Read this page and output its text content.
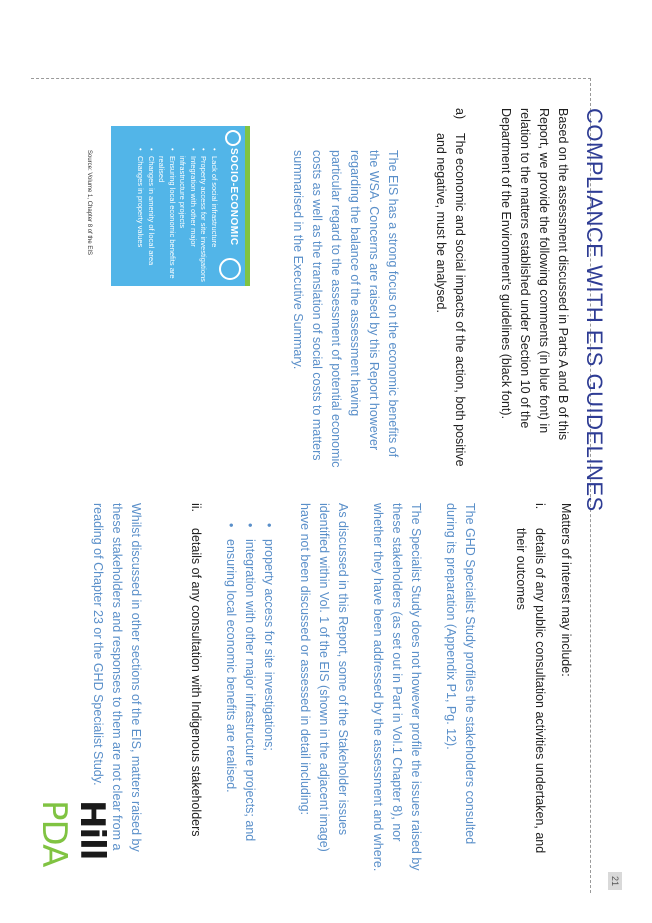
COMPLIANCE WITH EIS GUIDELINES
Based on the assessment discussed in Parts A and B of this Report, we provide the following comments (in blue font) in relation to the matters established under Section 10 of the Department of the Environment’s guidelines (black font).
a)
The economic and social impacts of the action, both positive and negative, must be analysed.
The EIS has a strong focus on the economic benefits of the WSA. Concerns are raised by this Report however regarding the balance of the assessment having particular regard to the assessment of potential economic costs as well as the translation of social costs to matters summarised in the Executive Summary.
SOCIO-ECONOMIC
• Lack of social infrastructure
• Property access for site investigations
• Integration with other major infrastructure projects
• Ensuring local economic benefits are realised
• Changes in amenity of local area
• Changes in property values
Source: Volume 1, Chapter 8 of the EIS
Hill
PDA
Matters of interest may include:
i.
details of any public consultation activities undertaken, and their outcomes
The GHD Specialist Study profiles the stakeholders consulted during its preparation (Appendix P1, Pg. 12).
The Specialist Study does not however profile the issues raised by these stakeholders (as set out in Part in Vol.1 Chapter 8), nor whether they have been addressed by the assessment and where.
As discussed in this Report, some of the Stakeholder issues identified within Vol. 1 of the EIS (shown in the adjacent image) have not been discussed or assessed in detail including:
• property access for site investigations;
• integration with other major infrastructure projects; and
• ensuring local economic benefits are realised.
ii.
details of any consultation with Indigenous stakeholders
Whilst discussed in other sections of the EIS, matters raised by these stakeholders and responses to them are not clear from a reading of Chapter 23 or the GHD Specialist Study.
21
